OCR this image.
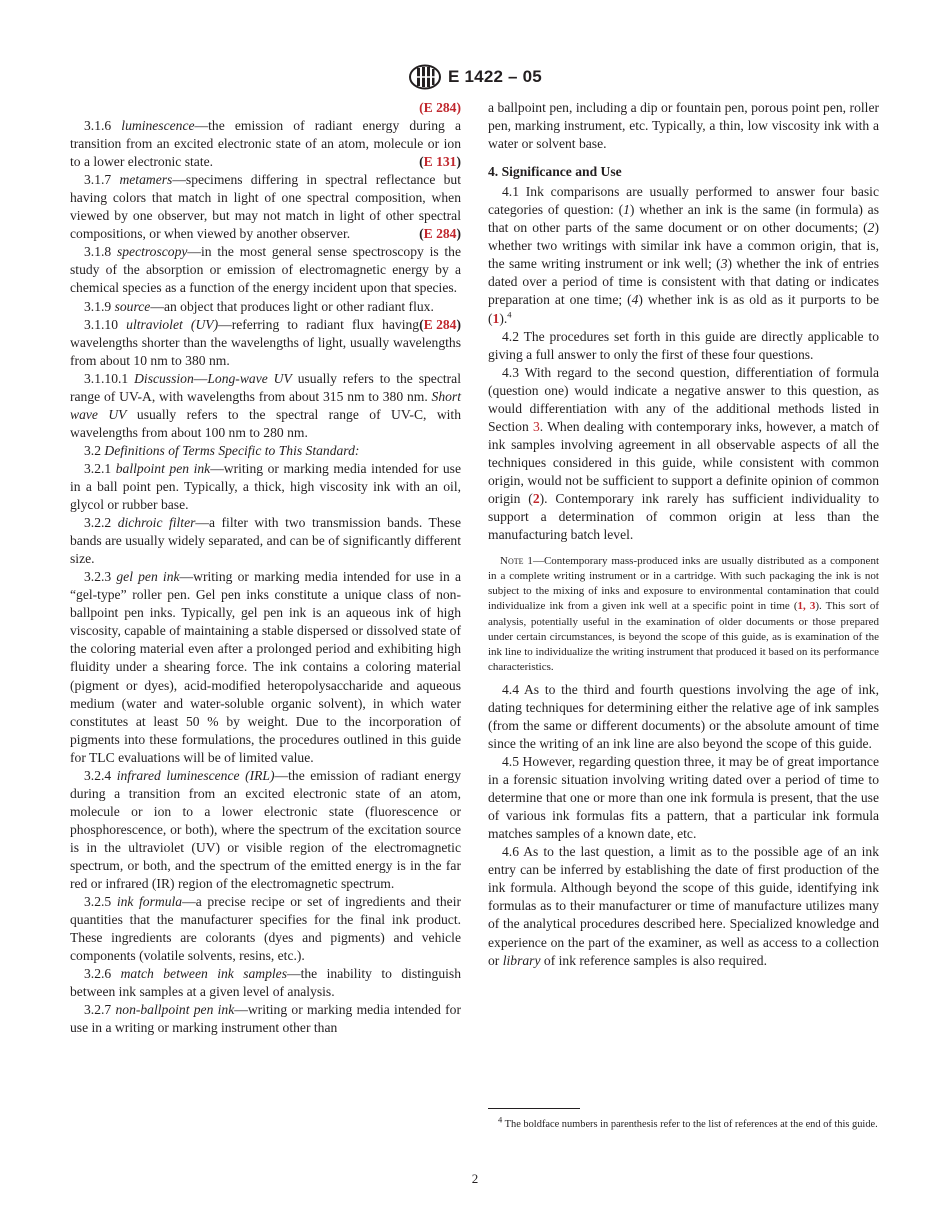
E 1422 – 05

(E 284)

3.1.6 luminescence—the emission of radiant energy during a transition from an excited electronic state of an atom, molecule or ion to a lower electronic state.	(E 131)

3.1.7 metamers—specimens differing in spectral reflectance but having colors that match in light of one spectral composition, when viewed by one observer, but may not match in light of other spectral compositions, or when viewed by another observer.	(E 284)

3.1.8 spectroscopy—in the most general sense spectroscopy is the study of the absorption or emission of electromagnetic energy by a chemical species as a function of the energy incident upon that species.

3.1.9 source—an object that produces light or other radiant flux.
(E 284)

3.1.10 ultraviolet (UV)—referring to radiant flux having wavelengths shorter than the wavelengths of light, usually wavelengths from about 10 nm to 380 nm.

3.1.10.1 Discussion—Long-wave UV usually refers to the spectral range of UV-A, with wavelengths from about 315 nm to 380 nm. Short wave UV usually refers to the spectral range of UV-C, with wavelengths from about 100 nm to 280 nm.

3.2 Definitions of Terms Specific to This Standard:

3.2.1 ballpoint pen ink—writing or marking media intended for use in a ball point pen. Typically, a thick, high viscosity ink with an oil, glycol or rubber base.

3.2.2 dichroic filter—a filter with two transmission bands. These bands are usually widely separated, and can be of significantly different size.

3.2.3 gel pen ink—writing or marking media intended for use in a “gel-type” roller pen. Gel pen inks constitute a unique class of non-ballpoint pen inks. Typically, gel pen ink is an aqueous ink of high viscosity, capable of maintaining a stable dispersed or dissolved state of the coloring material even after a prolonged period and exhibiting high fluidity under a shearing force. The ink contains a coloring material (pigment or dyes), acid-modified heteropolysaccharide and aqueous medium (water and water-soluble organic solvent), in which water constitutes at least 50 % by weight. Due to the incorporation of pigments into these formulations, the procedures outlined in this guide for TLC evaluations will be of limited value.

3.2.4 infrared luminescence (IRL)—the emission of radiant energy during a transition from an excited electronic state of an atom, molecule or ion to a lower electronic state (fluorescence or phosphorescence, or both), where the spectrum of the excitation source is in the ultraviolet (UV) or visible region of the electromagnetic spectrum, or both, and the spectrum of the emitted energy is in the far red or infrared (IR) region of the electromagnetic spectrum.

3.2.5 ink formula—a precise recipe or set of ingredients and their quantities that the manufacturer specifies for the final ink product. These ingredients are colorants (dyes and pigments) and vehicle components (volatile solvents, resins, etc.).

3.2.6 match between ink samples—the inability to distinguish between ink samples at a given level of analysis.

3.2.7 non-ballpoint pen ink—writing or marking media intended for use in a writing or marking instrument other than

a ballpoint pen, including a dip or fountain pen, porous point pen, roller pen, marking instrument, etc. Typically, a thin, low viscosity ink with a water or solvent base.

4. Significance and Use

4.1 Ink comparisons are usually performed to answer four basic categories of question: (1) whether an ink is the same (in formula) as that on other parts of the same document or on other documents; (2) whether two writings with similar ink have a common origin, that is, the same writing instrument or ink well; (3) whether the ink of entries dated over a period of time is consistent with that dating or indicates preparation at one time; (4) whether ink is as old as it purports to be (1).$^4$

4.2 The procedures set forth in this guide are directly applicable to giving a full answer to only the first of these four questions.

4.3 With regard to the second question, differentiation of formula (question one) would indicate a negative answer to this question, as would differentiation with any of the additional methods listed in Section 3. When dealing with contemporary inks, however, a match of ink samples involving agreement in all observable aspects of all the techniques considered in this guide, while consistent with common origin, would not be sufficient to support a definite opinion of common origin (2). Contemporary ink rarely has sufficient individuality to support a determination of common origin at less than the manufacturing batch level.

Note 1—Contemporary mass-produced inks are usually distributed as a component in a complete writing instrument or in a cartridge. With such packaging the ink is not subject to the mixing of inks and exposure to environmental contamination that could individualize ink from a given ink well at a specific point in time (1, 3). This sort of analysis, potentially useful in the examination of older documents or those prepared under certain circumstances, is beyond the scope of this guide, as is examination of the ink line to individualize the writing instrument that produced it based on its performance characteristics.

4.4 As to the third and fourth questions involving the age of ink, dating techniques for determining either the relative age of ink samples (from the same or different documents) or the absolute amount of time since the writing of an ink line are also beyond the scope of this guide.

4.5 However, regarding question three, it may be of great importance in a forensic situation involving writing dated over a period of time to determine that one or more than one ink formula is present, that the use of various ink formulas fits a pattern, that a particular ink formula matches samples of a known date, etc.

4.6 As to the last question, a limit as to the possible age of an ink entry can be inferred by establishing the date of first production of the ink formula. Although beyond the scope of this guide, identifying ink formulas as to their manufacturer or time of manufacture utilizes many of the analytical procedures described here. Specialized knowledge and experience on the part of the examiner, as well as access to a collection or library of ink reference samples is also required.

$^4$ The boldface numbers in parenthesis refer to the list of references at the end of this guide.
2
